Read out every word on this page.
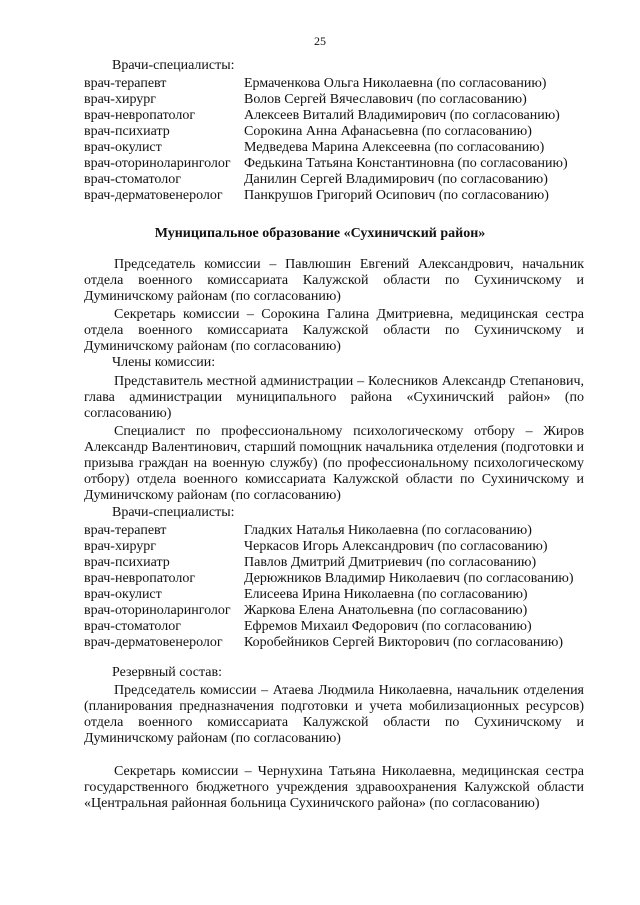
25
Врачи-специалисты:
врач-терапевт	Ермаченкова Ольга Николаевна (по согласованию)
врач-хирург	Волов Сергей Вячеславович (по согласованию)
врач-невропатолог	Алексеев Виталий Владимирович (по согласованию)
врач-психиатр	Сорокина Анна Афанасьевна (по согласованию)
врач-окулист	Медведева Марина Алексеевна (по согласованию)
врач-оториноларинголог	Федькина Татьяна Константиновна (по согласованию)
врач-стоматолог	Данилин Сергей Владимирович (по согласованию)
врач-дерматовенеролог	Панкрушов Григорий Осипович (по согласованию)
Муниципальное образование «Сухиничский район»
Председатель комиссии – Павлюшин Евгений Александрович, начальник отдела военного комиссариата Калужской области по Сухиничскому и Думиничскому районам (по согласованию)
Секретарь комиссии – Сорокина Галина Дмитриевна, медицинская сестра отдела военного комиссариата Калужской области по Сухиничскому и Думиничскому районам (по согласованию)
Члены комиссии:
Представитель местной администрации – Колесников Александр Степанович, глава администрации муниципального района «Сухиничский район» (по согласованию)
Специалист по профессиональному психологическому отбору – Жиров Александр Валентинович, старший помощник начальника отделения (подготовки и призыва граждан на военную службу) (по профессиональному психологическому отбору) отдела военного комиссариата Калужской области по Сухиничскому и Думиничскому районам (по согласованию)
Врачи-специалисты:
врач-терапевт	Гладких Наталья Николаевна (по согласованию)
врач-хирург	Черкасов Игорь Александрович (по согласованию)
врач-психиатр	Павлов Дмитрий Дмитриевич (по согласованию)
врач-невропатолог	Дерюжников Владимир Николаевич (по согласованию)
врач-окулист	Елисеева Ирина Николаевна (по согласованию)
врач-оториноларинголог	Жаркова Елена Анатольевна (по согласованию)
врач-стоматолог	Ефремов Михаил Федорович (по согласованию)
врач-дерматовенеролог	Коробейников Сергей Викторович (по согласованию)
Резервный состав:
Председатель комиссии – Атаева Людмила Николаевна, начальник отделения (планирования предназначения подготовки и учета мобилизационных ресурсов) отдела военного комиссариата Калужской области по Сухиничскому и Думиничскому районам (по согласованию)
Секретарь комиссии – Чернухина Татьяна Николаевна, медицинская сестра государственного бюджетного учреждения здравоохранения Калужской области «Центральная районная больница Сухиничского района» (по согласованию)
